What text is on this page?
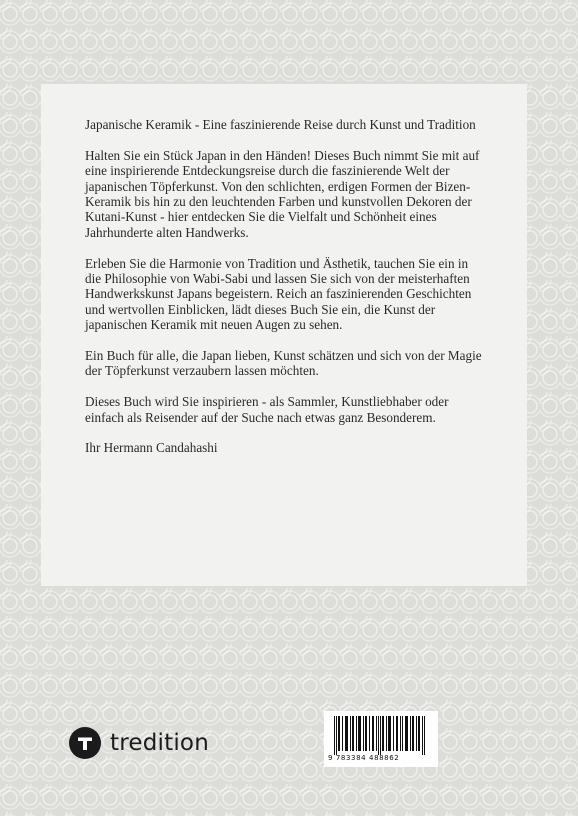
Japanische Keramik - Eine faszinierende Reise durch Kunst und Tradition

Halten Sie ein Stück Japan in den Händen! Dieses Buch nimmt Sie mit auf eine inspirierende Entdeckungsreise durch die faszinierende Welt der japanischen Töpferkunst. Von den schlichten, erdigen Formen der Bizen-Keramik bis hin zu den leuchtenden Farben und kunstvollen Dekoren der Kutani-Kunst - hier entdecken Sie die Vielfalt und Schönheit eines Jahrhunderte alten Handwerks.

Erleben Sie die Harmonie von Tradition und Ästhetik, tauchen Sie ein in die Philosophie von Wabi-Sabi und lassen Sie sich von der meisterhaften Handwerkskunst Japans begeistern. Reich an faszinierenden Geschichten und wertvollen Einblicken, lädt dieses Buch Sie ein, die Kunst der japanischen Keramik mit neuen Augen zu sehen.

Ein Buch für alle, die Japan lieben, Kunst schätzen und sich von der Magie der Töpferkunst verzaubern lassen möchten.

Dieses Buch wird Sie inspirieren - als Sammler, Kunstliebhaber oder einfach als Reisender auf der Suche nach etwas ganz Besonderem.

Ihr Hermann Candahashi

tredition
9 783384 488862
